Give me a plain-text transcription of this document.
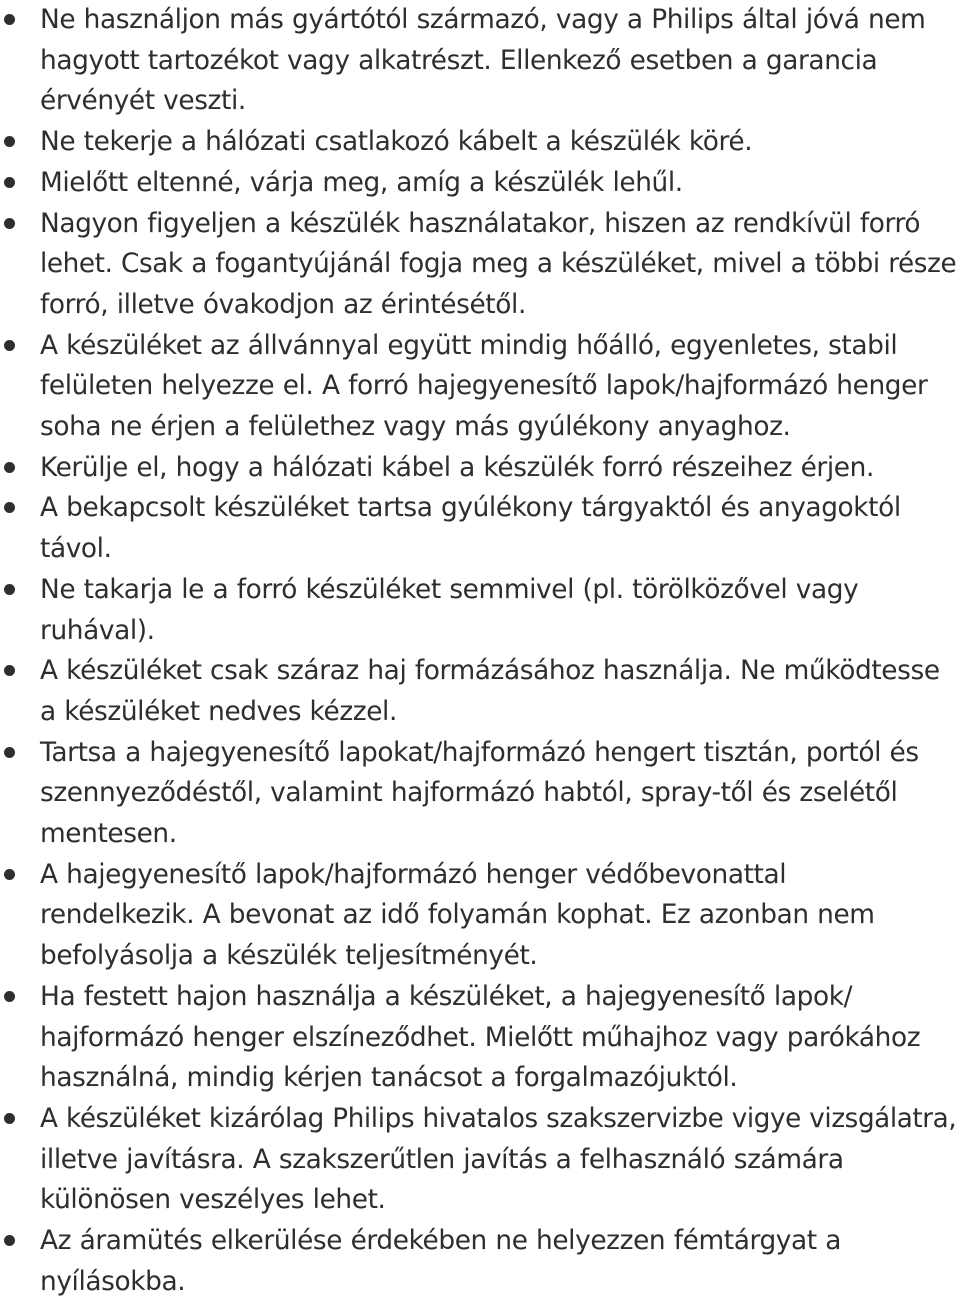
Ne használjon más gyártótól származó, vagy a Philips által jóvá nem
hagyott tartozékot vagy alkatrészt. Ellenkező esetben a garancia
érvényét veszti.
Ne tekerje a hálózati csatlakozó kábelt a készülék köré.
Mielőtt eltenné, várja meg, amíg a készülék lehűl.
Nagyon figyeljen a készülék használatakor, hiszen az rendkívül forró
lehet. Csak a fogantyújánál fogja meg a készüléket, mivel a többi része
forró, illetve óvakodjon az érintésétől.
A készüléket az állvánnyal együtt mindig hőálló, egyenletes, stabil
felületen helyezze el. A forró hajegyenesítő lapok/hajformázó henger
soha ne érjen a felülethez vagy más gyúlékony anyaghoz.
Kerülje el, hogy a hálózati kábel a készülék forró részeihez érjen.
A bekapcsolt készüléket tartsa gyúlékony tárgyaktól és anyagoktól
távol.
Ne takarja le a forró készüléket semmivel (pl. törölközővel vagy
ruhával).
A készüléket csak száraz haj formázásához használja. Ne működtesse
a készüléket nedves kézzel.
Tartsa a hajegyenesítő lapokat/hajformázó hengert tisztán, portól és
szennyeződéstől, valamint hajformázó habtól, spray-től és zselétől
mentesen.
A hajegyenesítő lapok/hajformázó henger védőbevonattal
rendelkezik. A bevonat az idő folyamán kophat. Ez azonban nem
befolyásolja a készülék teljesítményét.
Ha festett hajon használja a készüléket, a hajegyenesítő lapok/
hajformázó henger elszíneződhet. Mielőtt műhajhoz vagy parókához
használná, mindig kérjen tanácsot a forgalmazójuktól.
A készüléket kizárólag Philips hivatalos szakszervizbe vigye vizsgálatra,
illetve javításra. A szakszerűtlen javítás a felhasználó számára
különösen veszélyes lehet.
Az áramütés elkerülése érdekében ne helyezzen fémtárgyat a
nyílásokba.
